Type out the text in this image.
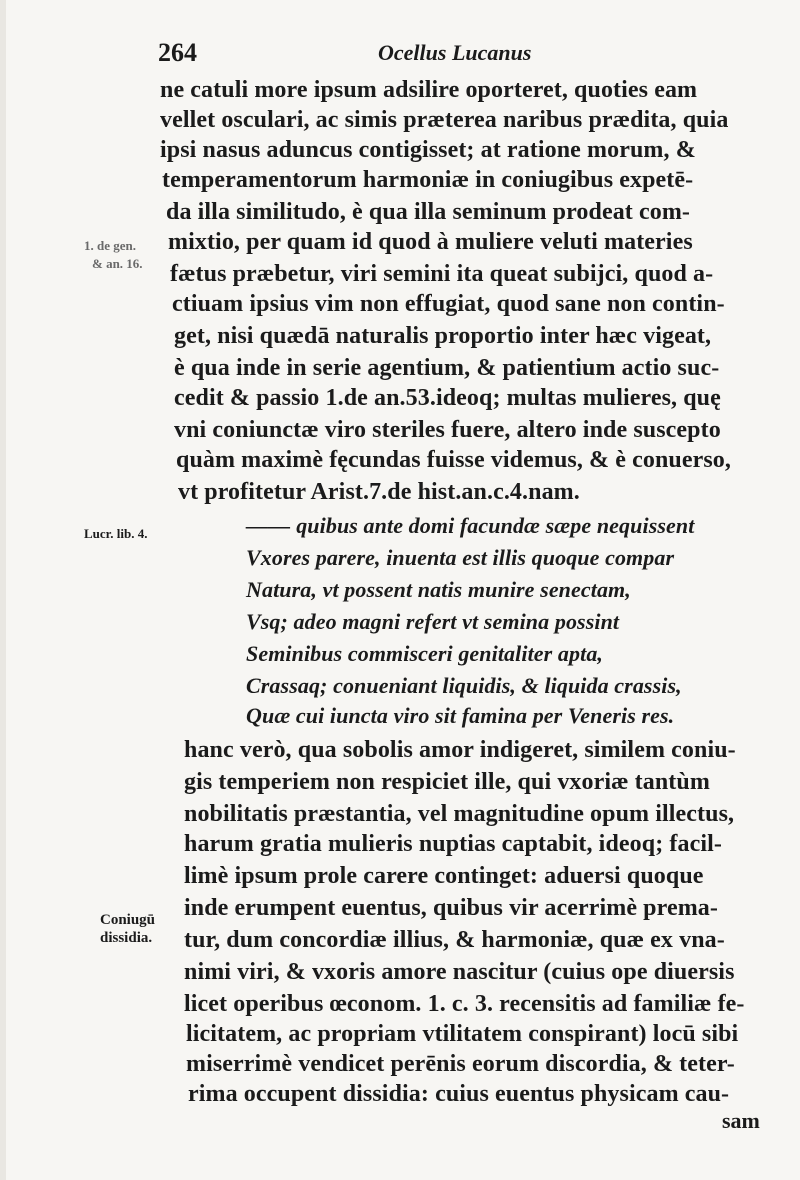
264	Ocellus Lucanus
ne catuli more ipsum adsilire oporteret, quoties eam
vellet osculari, ac simis præterea naribus prædita, quia
ipsi nasus aduncus contigisset; at ratione morum, &
temperamentorum harmoniæ in coniugibus expetē-
da illa similitudo, è qua illa seminum prodeat com-
mixtio, per quam id quod à muliere veluti materies
fætus præbetur, viri semini ita queat subijci, quod a-
ctiuam ipsius vim non effugiat, quod sane non contin-
get, nisi quædā naturalis proportio inter hæc vigeat,
è qua inde in serie agentium, & patientium actio suc-
cedit & passio 1.de an.53.ideoq; multas mulieres, quę
vni coniunctæ viro steriles fuere, altero inde suscepto
quàm maximè fęcundas fuisse videmus, & è conuerso,
vt profitetur Arist.7.de hist.an.c.4.nam.
—— quibus ante domi facundæ sæpe nequissent
Vxores parere, inuenta est illis quoque compar
Natura, vt possent natis munire senectam,
Vsq; adeo magni refert vt semina possint
Seminibus commisceri genitaliter apta,
Crassaq; conueniant liquidis, & liquida crassis,
Quæ cui iuncta viro sit famina per Veneris res.
hanc verò, qua sobolis amor indigeret, similem coniu-
gis temperiem non respiciet ille, qui vxoriæ tantùm
nobilitatis præstantia, vel magnitudine opum illectus,
harum gratia mulieris nuptias captabit, ideoq; facil-
limè ipsum prole carere continget: aduersi quoque
inde erumpent euentus, quibus vir acerrimè prema-
tur, dum concordiæ illius, & harmoniæ, quæ ex vna-
nimi viri, & vxoris amore nascitur (cuius ope diuersis
licet operibus œconom. 1. c. 3. recensitis ad familiæ fe-
licitatem, ac propriam vtilitatem conspirant) locū sibi
miserrimè vendicet perēnis eorum discordia, & teter-
rima occupent dissidia: cuius euentus physicam cau-
1. de gen.
& an. 16.
Lucr. lib. 4.
Coniugū
dissidia.
sam
